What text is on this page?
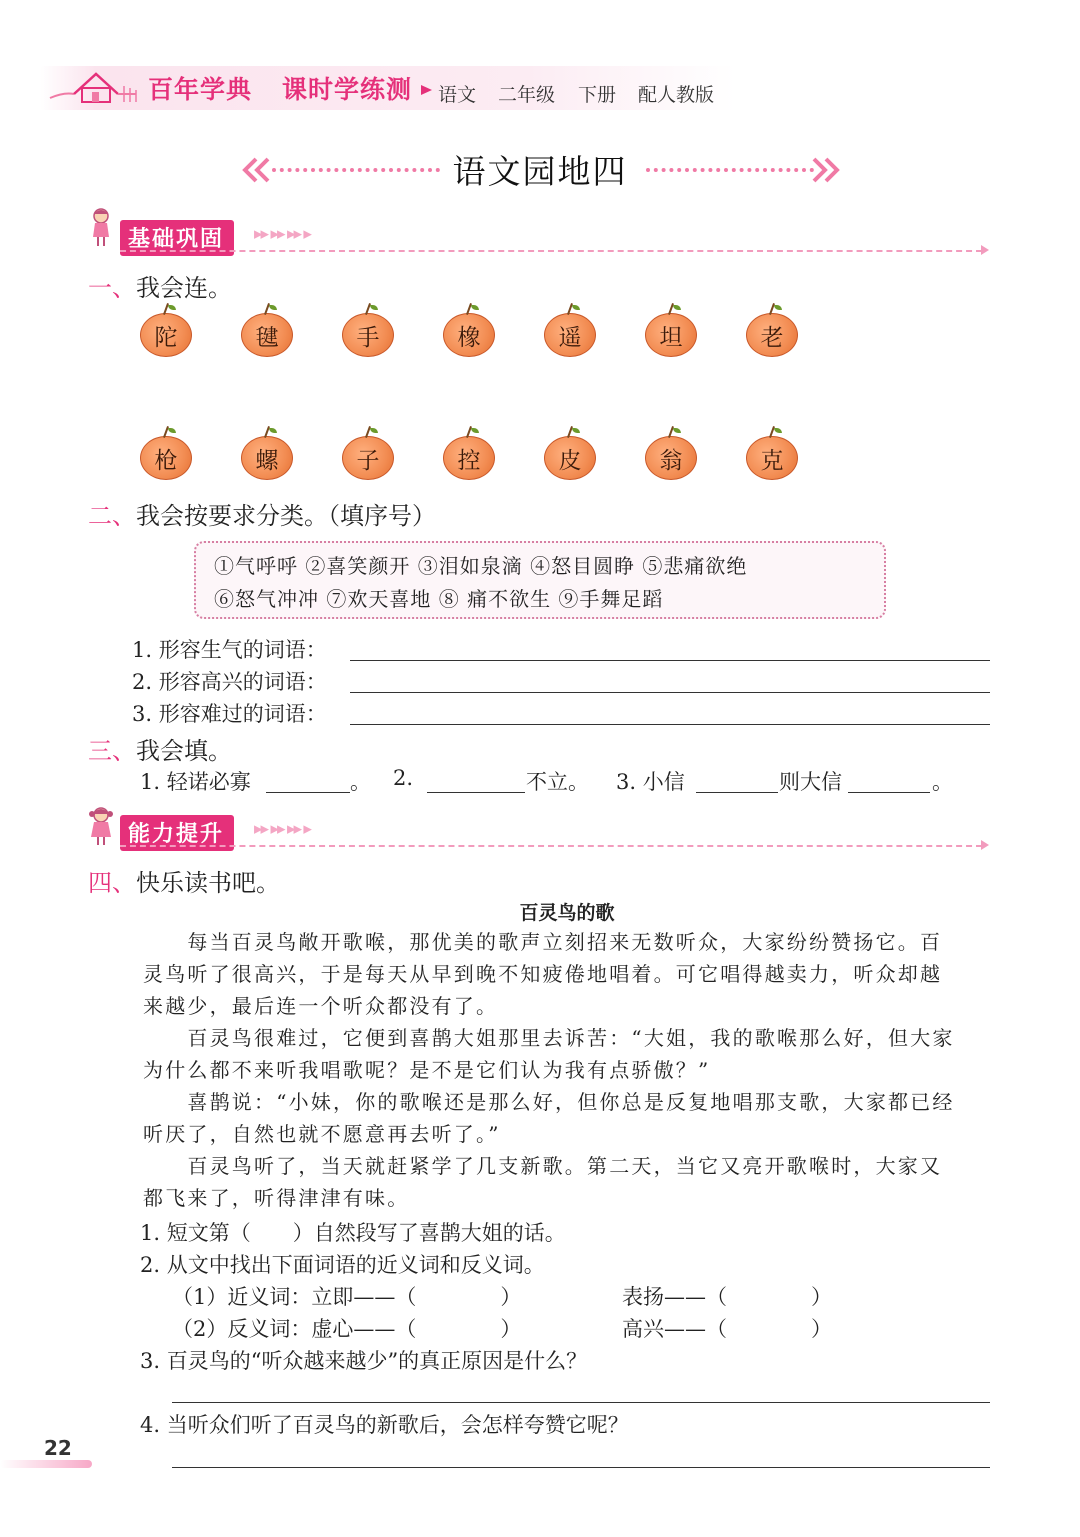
百年学典 课时学练测 语文 二年级 下册 配人教版
语文园地四
基础巩固	▸▸ ▸▸ ▸▸ ▸
一、我会连。
陀	毽	手	橡	遥	坦	老
枪	螺	子	控	皮	翁	克
二、我会按要求分类。（填序号）
①气呼呼 ②喜笑颜开 ③泪如泉滴 ④怒目圆睁 ⑤悲痛欲绝
⑥怒气冲冲 ⑦欢天喜地 ⑧ 痛不欲生 ⑨手舞足蹈
1. 形容生气的词语：
2. 形容高兴的词语：
3. 形容难过的词语：
三、我会填。
1. 轻诺必寡	。 2.	不立。 3. 小信	则大信	。
能力提升	▸▸ ▸▸ ▸▸ ▸
四、快乐读书吧。
百灵鸟的歌
　　每当百灵鸟敞开歌喉，那优美的歌声立刻招来无数听众，大家纷纷赞扬它。百
灵鸟听了很高兴，于是每天从早到晚不知疲倦地唱着。可它唱得越卖力，听众却越
来越少，最后连一个听众都没有了。
　　百灵鸟很难过，它便到喜鹊大姐那里去诉苦：“大姐，我的歌喉那么好，但大家
为什么都不来听我唱歌呢？是不是它们认为我有点骄傲？”
　　喜鹊说：“小妹，你的歌喉还是那么好，但你总是反复地唱那支歌，大家都已经
听厌了，自然也就不愿意再去听了。”
　　百灵鸟听了，当天就赶紧学了几支新歌。第二天，当它又亮开歌喉时，大家又
都飞来了，听得津津有味。
1. 短文第（　　）自然段写了喜鹊大姐的话。
2. 从文中找出下面词语的近义词和反义词。
（1）近义词：立即——（　　　　）	表扬——（　　　　）
（2）反义词：虚心——（　　　　）	高兴——（　　　　）
3. 百灵鸟的“听众越来越少”的真正原因是什么？
4. 当听众们听了百灵鸟的新歌后，会怎样夸赞它呢？
22
